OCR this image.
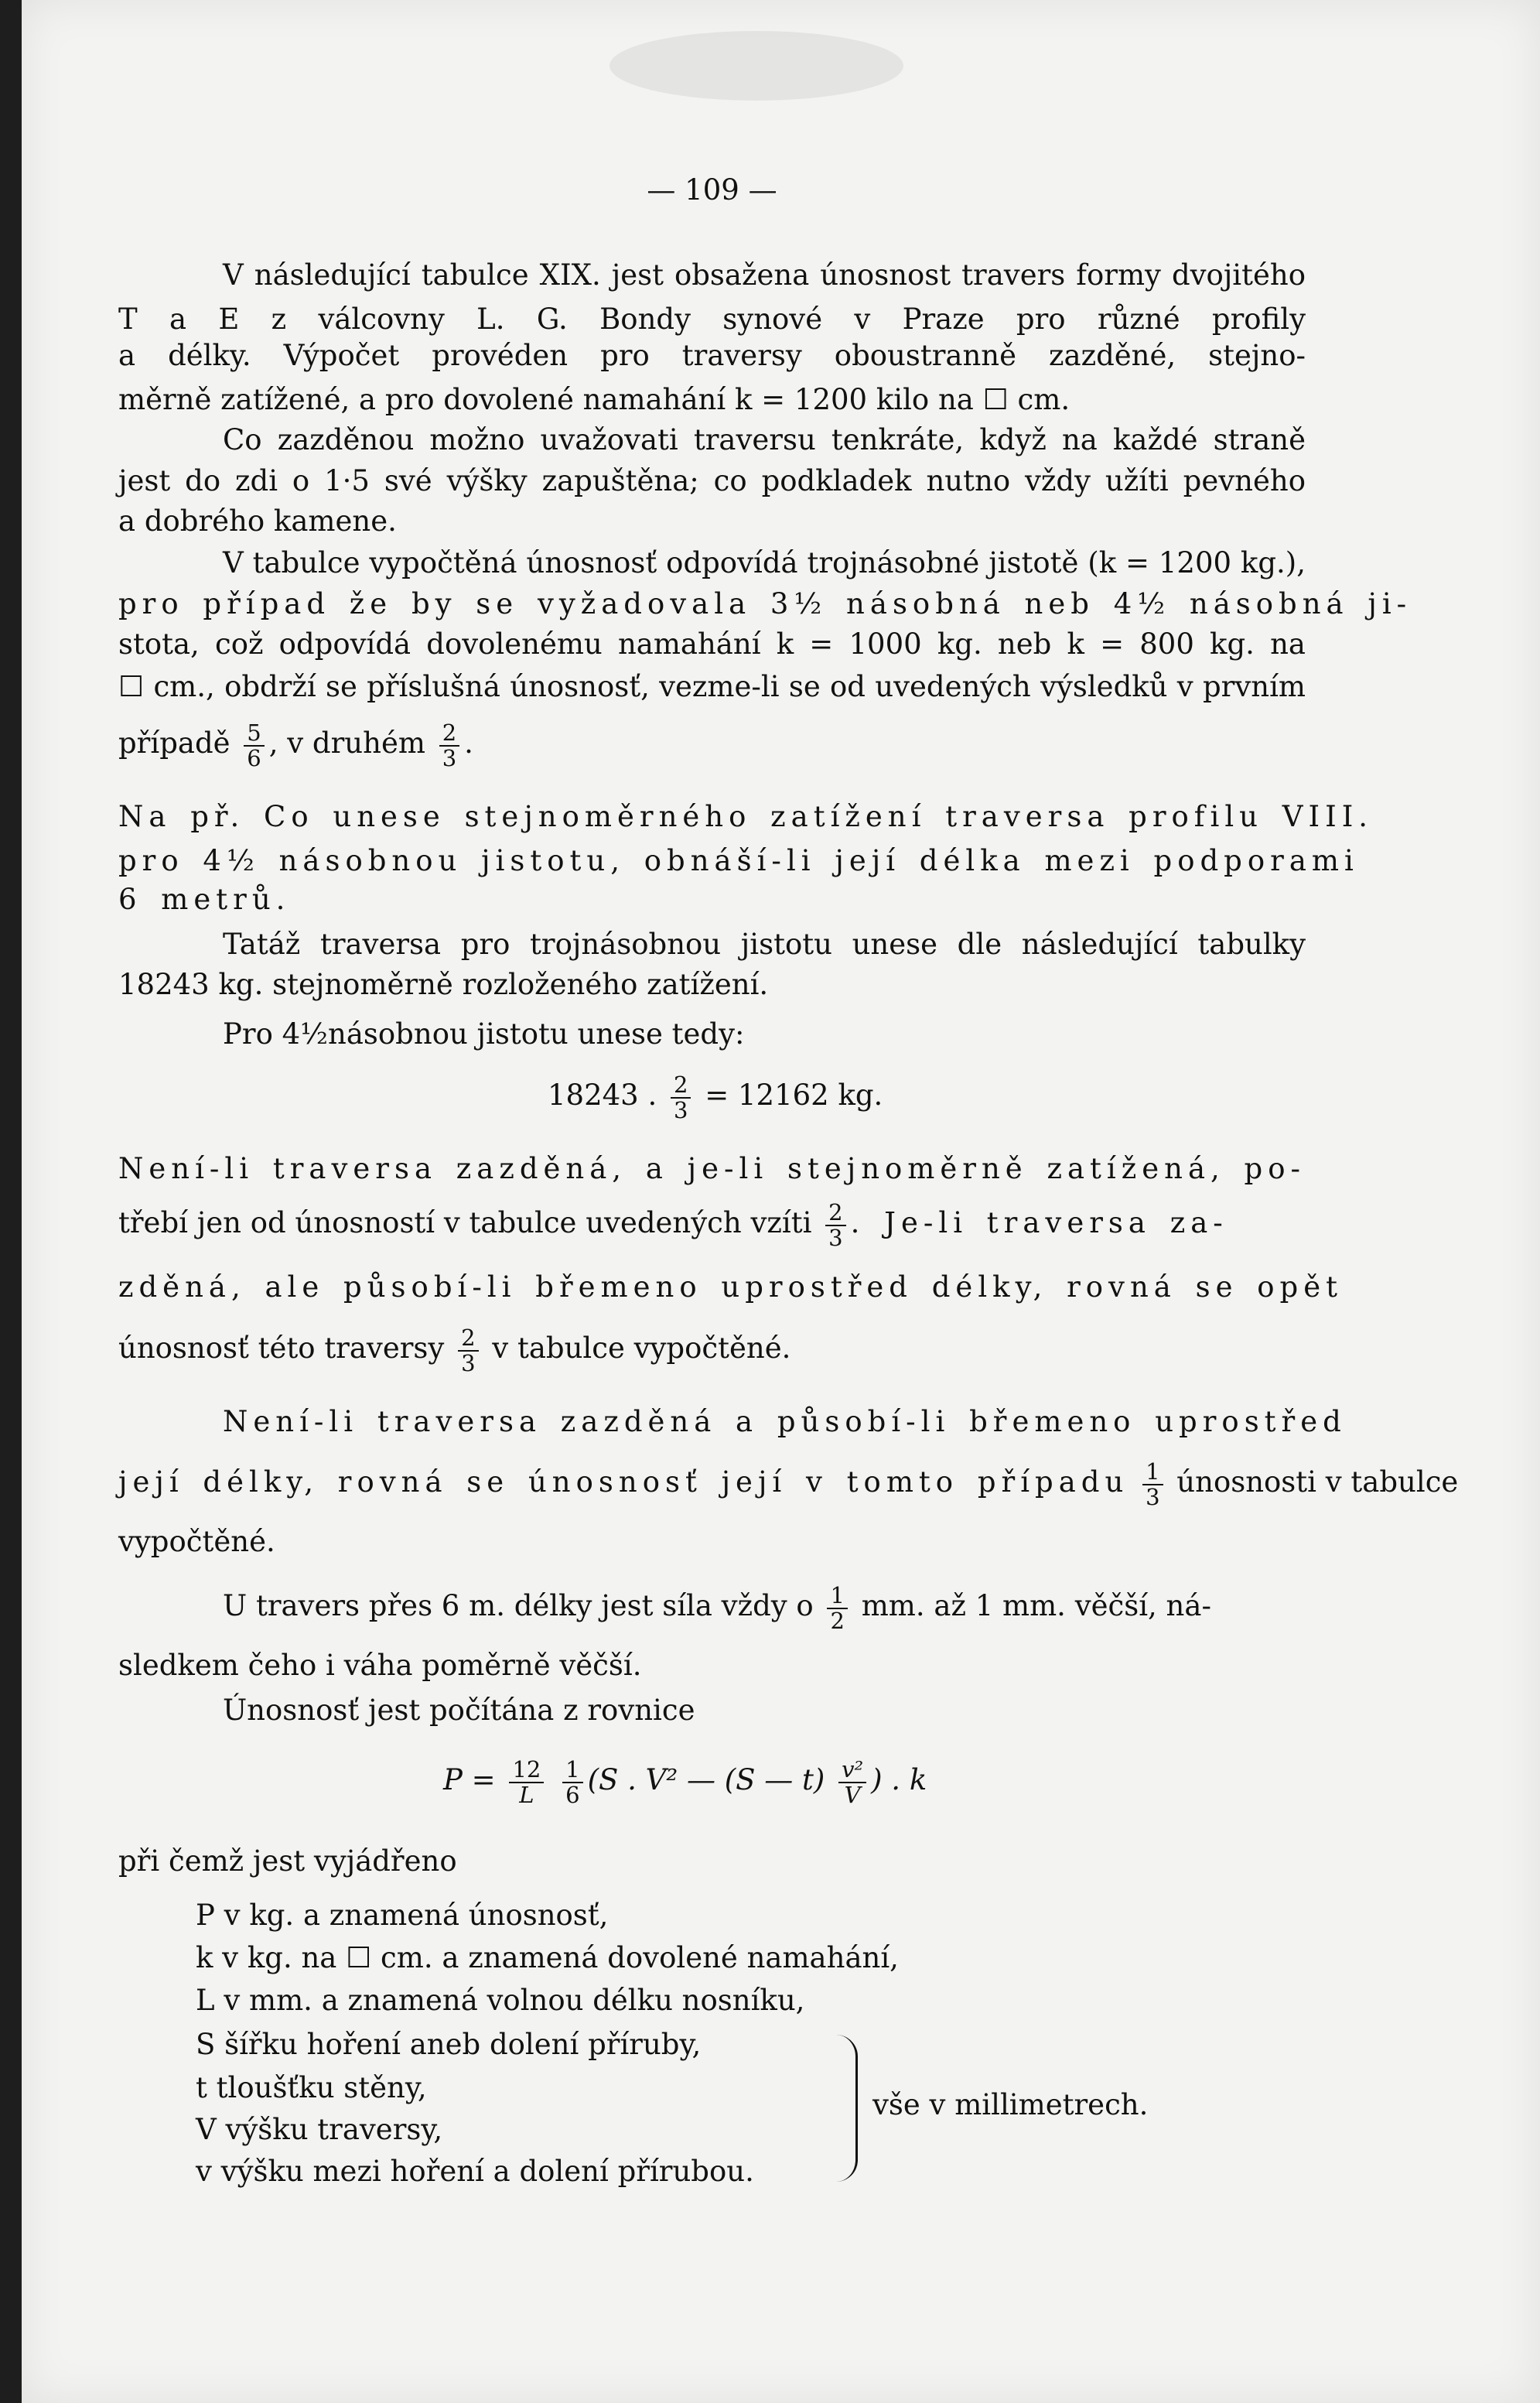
— 109 —
V následující tabulce XIX. jest obsažena únosnost travers formy dvojitého
T a E z válcovny L. G. Bondy synové v Praze pro různé profily
a délky. Výpočet provéden pro traversy oboustranně zazděné, stejno-
měrně zatížené, a pro dovolené namahání k = 1200 kilo na ☐ cm.
Co zazděnou možno uvažovati traversu tenkráte, když na každé straně
jest do zdi o 1·5 své výšky zapuštěna; co podkladek nutno vždy užíti pevného
a dobrého kamene.
V tabulce vypočtěná únosnosť odpovídá trojnásobné jistotě (k = 1200 kg.),
pro případ že by se vyžadovala 3½ násobná neb 4½ násobná ji-
stota, což odpovídá dovolenému namahání k = 1000 kg. neb k = 800 kg. na
☐ cm., obdrží se příslušná únosnosť, vezme-li se od uvedených výsledků v prvním
případě $\frac{5}{6}$ , v druhém $\frac{2}{3}$ .
Na př. Co unese stejnoměrného zatížení traversa profilu VIII.
pro 4½ násobnou jistotu, obnáší-li její délka mezi podporami
6 metrů.
Tatáž traversa pro trojnásobnou jistotu unese dle následující tabulky
18243 kg. stejnoměrně rozloženého zatížení.
Pro 4½násobnou jistotu unese tedy:
18243 . $\frac{2}{3} = 12162$ kg.
Není-li traversa zazděná, a je-li stejnoměrně zatížená, po-
třebí jen od únosností v tabulce uvedených vzíti $\frac{2}{3}$ . Je-li traversa za-
zděná, ale působí-li břemeno uprostřed délky, rovná se opět
únosnosť této traversy $\frac{2}{3}$ v tabulce vypočtěné.
Není-li traversa zazděná a působí-li břemeno uprostřed
její délky, rovná se únosnosť její v tomto případu $\frac{1}{3}$ únosnosti v tabulce
vypočtěné.
U travers přes 6 m. délky jest síla vždy o $\frac{1}{2}$ mm. až 1 mm. věčší, ná-
sledkem čeho i váha poměrně věčší.
Únosnosť jest počítána z rovnice
$P = \frac{12}{L}$
$\frac{1}{6} (S$ . V² — (S — $t) \frac{\text{v²}}{V}$ ) . k
při čemž jest vyjádřeno
P v kg. a znamená únosnosť,
k v kg. na ☐ cm. a znamená dovolené namahání,
L v mm. a znamená volnou délku nosníku,
S šířku hoření aneb dolení příruby,
t tloušťku stěny,
V výšku traversy,
v výšku mezi hoření a dolení přírubou.
vše v millimetrech.
